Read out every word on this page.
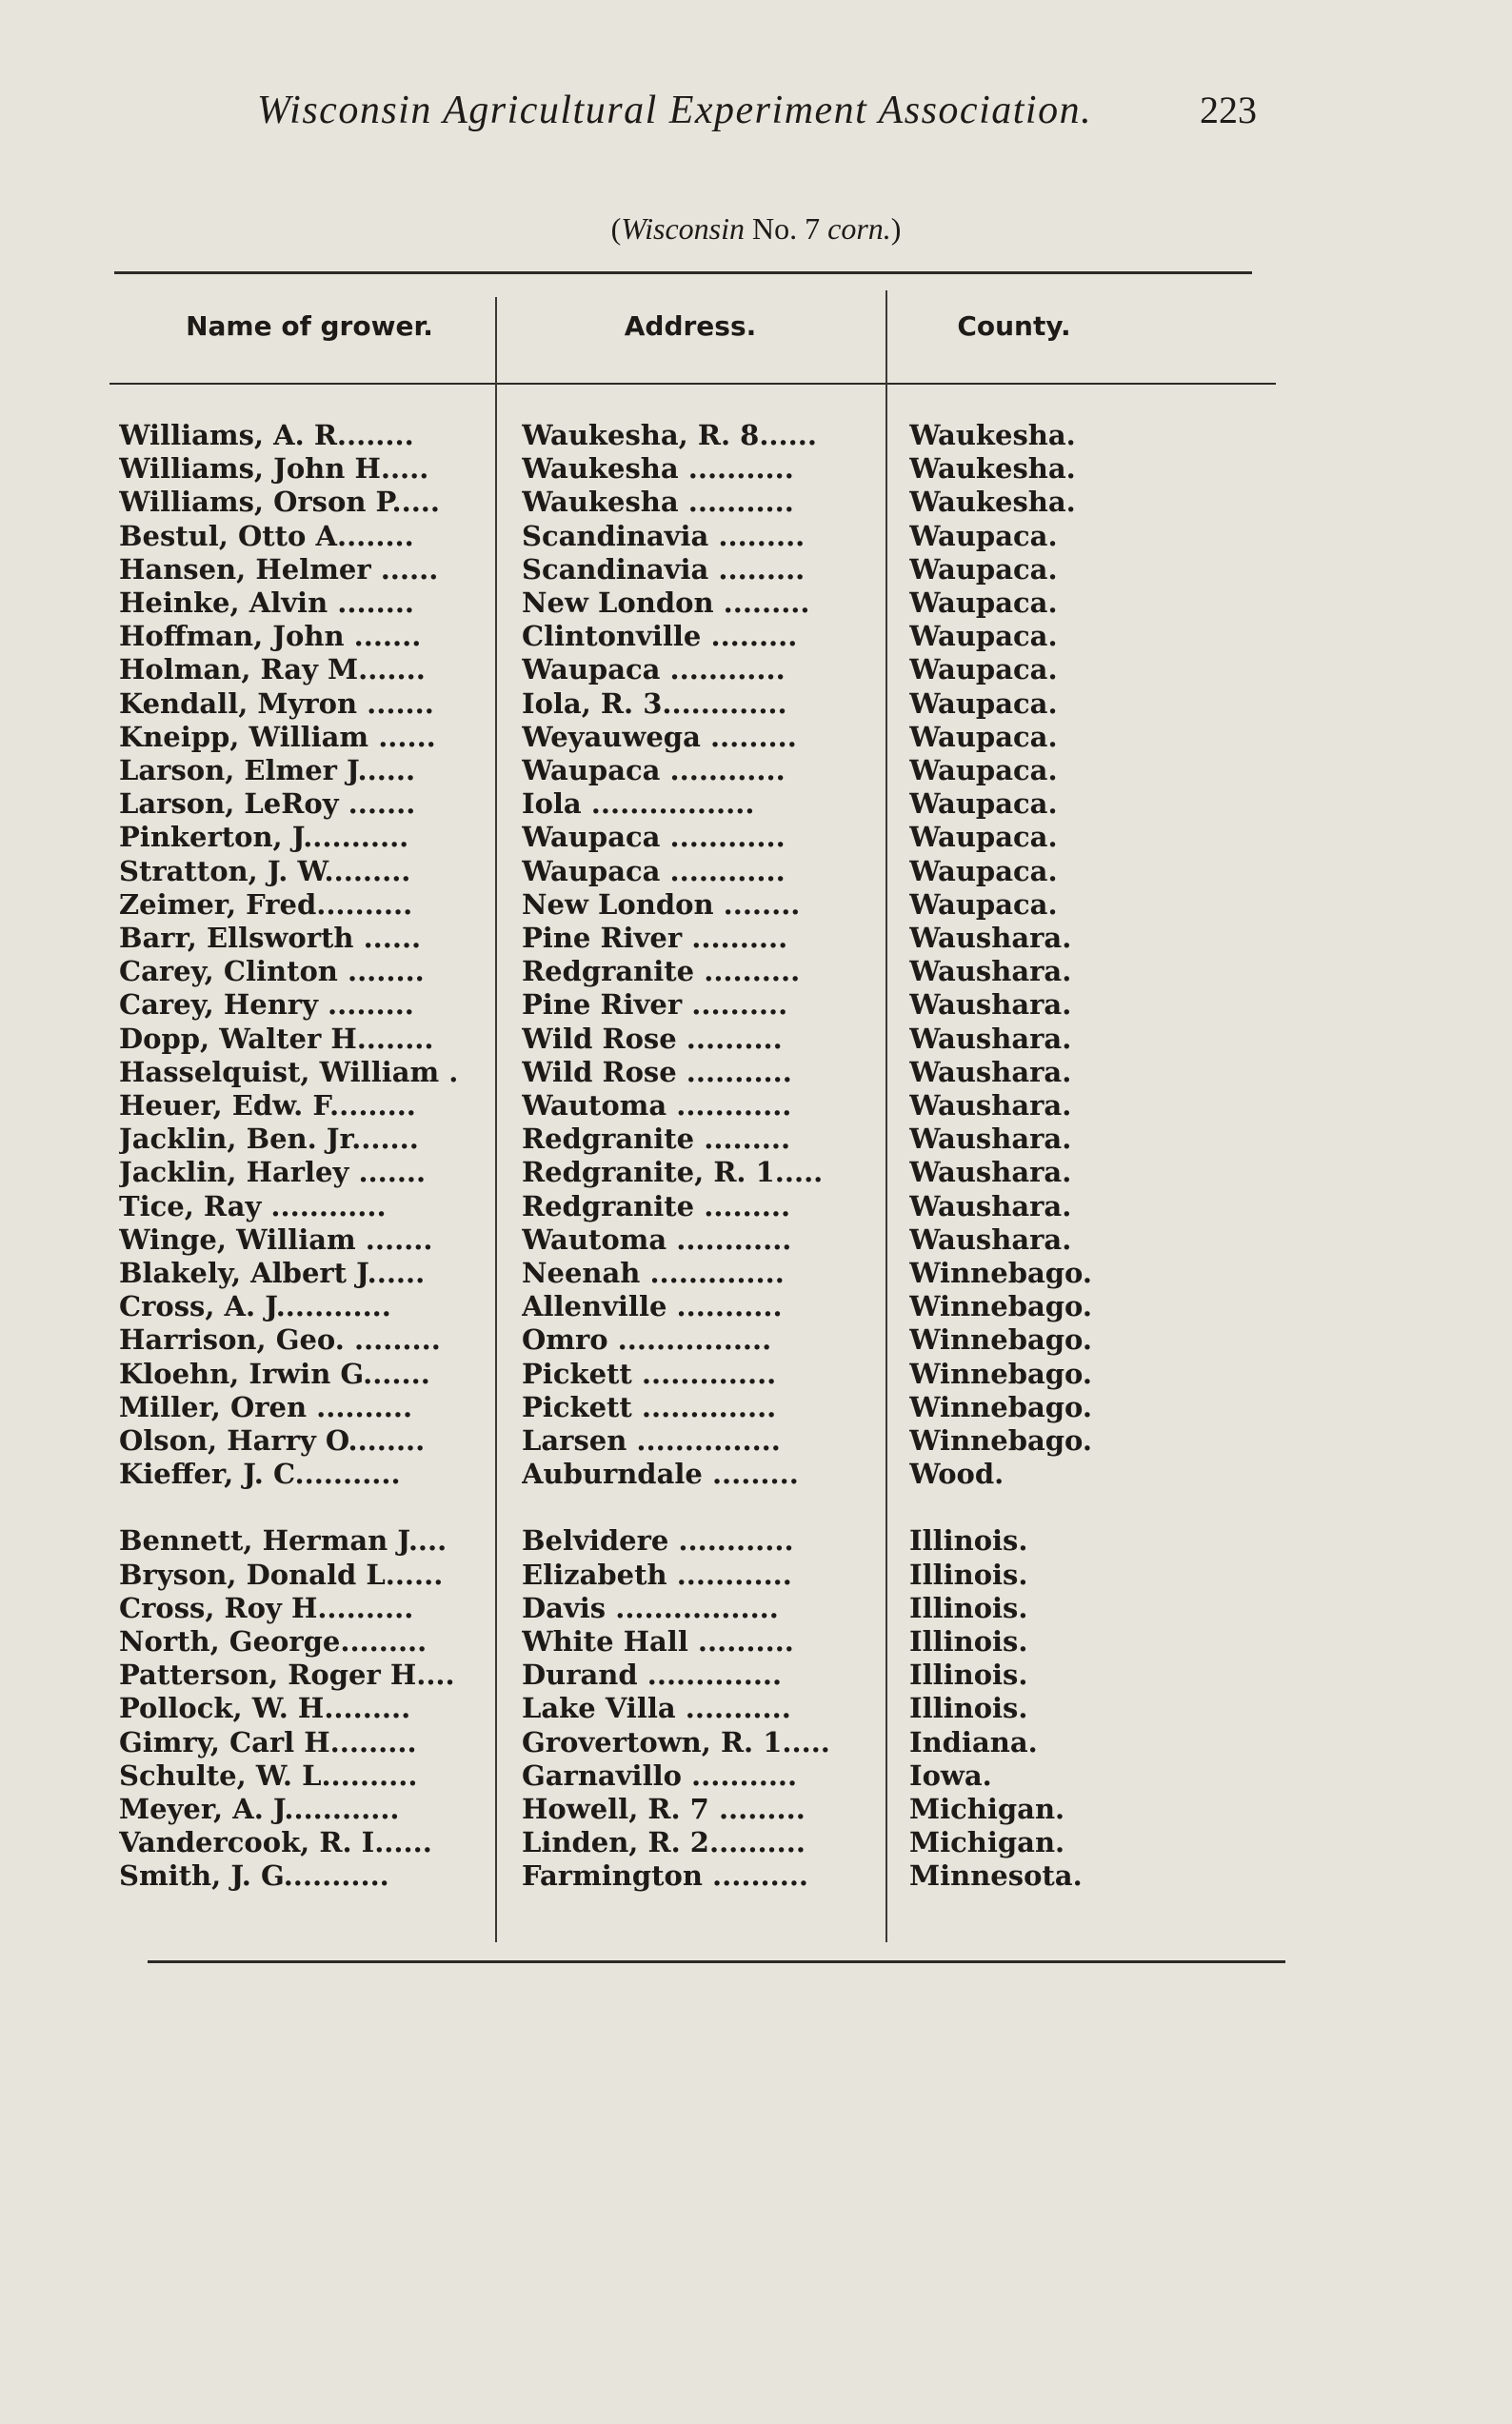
Wisconsin Agricultural Experiment Association.	223
(Wisconsin No. 7 corn.)
Name of grower.	Address.	County.
Williams, A. R........	Waukesha, R. 8......	Waukesha.
Williams, John H.....	Waukesha ...........	Waukesha.
Williams, Orson P.....	Waukesha ...........	Waukesha.
Bestul, Otto A........	Scandinavia .........	Waupaca.
Hansen, Helmer ......	Scandinavia .........	Waupaca.
Heinke, Alvin ........	New London .........	Waupaca.
Hoffman, John .......	Clintonville .........	Waupaca.
Holman, Ray M.......	Waupaca ............	Waupaca.
Kendall, Myron .......	Iola, R. 3.............	Waupaca.
Kneipp, William ......	Weyauwega .........	Waupaca.
Larson, Elmer J......	Waupaca ............	Waupaca.
Larson, LeRoy .......	Iola .................	Waupaca.
Pinkerton, J...........	Waupaca ............	Waupaca.
Stratton, J. W.........	Waupaca ............	Waupaca.
Zeimer, Fred..........	New London ........	Waupaca.
Barr, Ellsworth ......	Pine River ..........	Waushara.
Carey, Clinton ........	Redgranite ..........	Waushara.
Carey, Henry .........	Pine River ..........	Waushara.
Dopp, Walter H........	Wild Rose ..........	Waushara.
Hasselquist, William .	Wild Rose ...........	Waushara.
Heuer, Edw. F.........	Wautoma ............	Waushara.
Jacklin, Ben. Jr.......	Redgranite .........	Waushara.
Jacklin, Harley .......	Redgranite, R. 1.....	Waushara.
Tice, Ray ............	Redgranite .........	Waushara.
Winge, William .......	Wautoma ............	Waushara.
Blakely, Albert J......	Neenah ..............	Winnebago.
Cross, A. J............	Allenville ...........	Winnebago.
Harrison, Geo. .........	Omro ................	Winnebago.
Kloehn, Irwin G.......	Pickett ..............	Winnebago.
Miller, Oren ..........	Pickett ..............	Winnebago.
Olson, Harry O........	Larsen ...............	Winnebago.
Kieffer, J. C...........	Auburndale .........	Wood.
Bennett, Herman J....	Belvidere ............	Illinois.
Bryson, Donald L......	Elizabeth ............	Illinois.
Cross, Roy H..........	Davis .................	Illinois.
North, George.........	White Hall ..........	Illinois.
Patterson, Roger H....	Durand ..............	Illinois.
Pollock, W. H.........	Lake Villa ...........	Illinois.
Gimry, Carl H.........	Grovertown, R. 1.....	Indiana.
Schulte, W. L..........	Garnavillo ...........	Iowa.
Meyer, A. J............	Howell, R. 7 .........	Michigan.
Vandercook, R. I......	Linden, R. 2..........	Michigan.
Smith, J. G...........	Farmington ..........	Minnesota.
